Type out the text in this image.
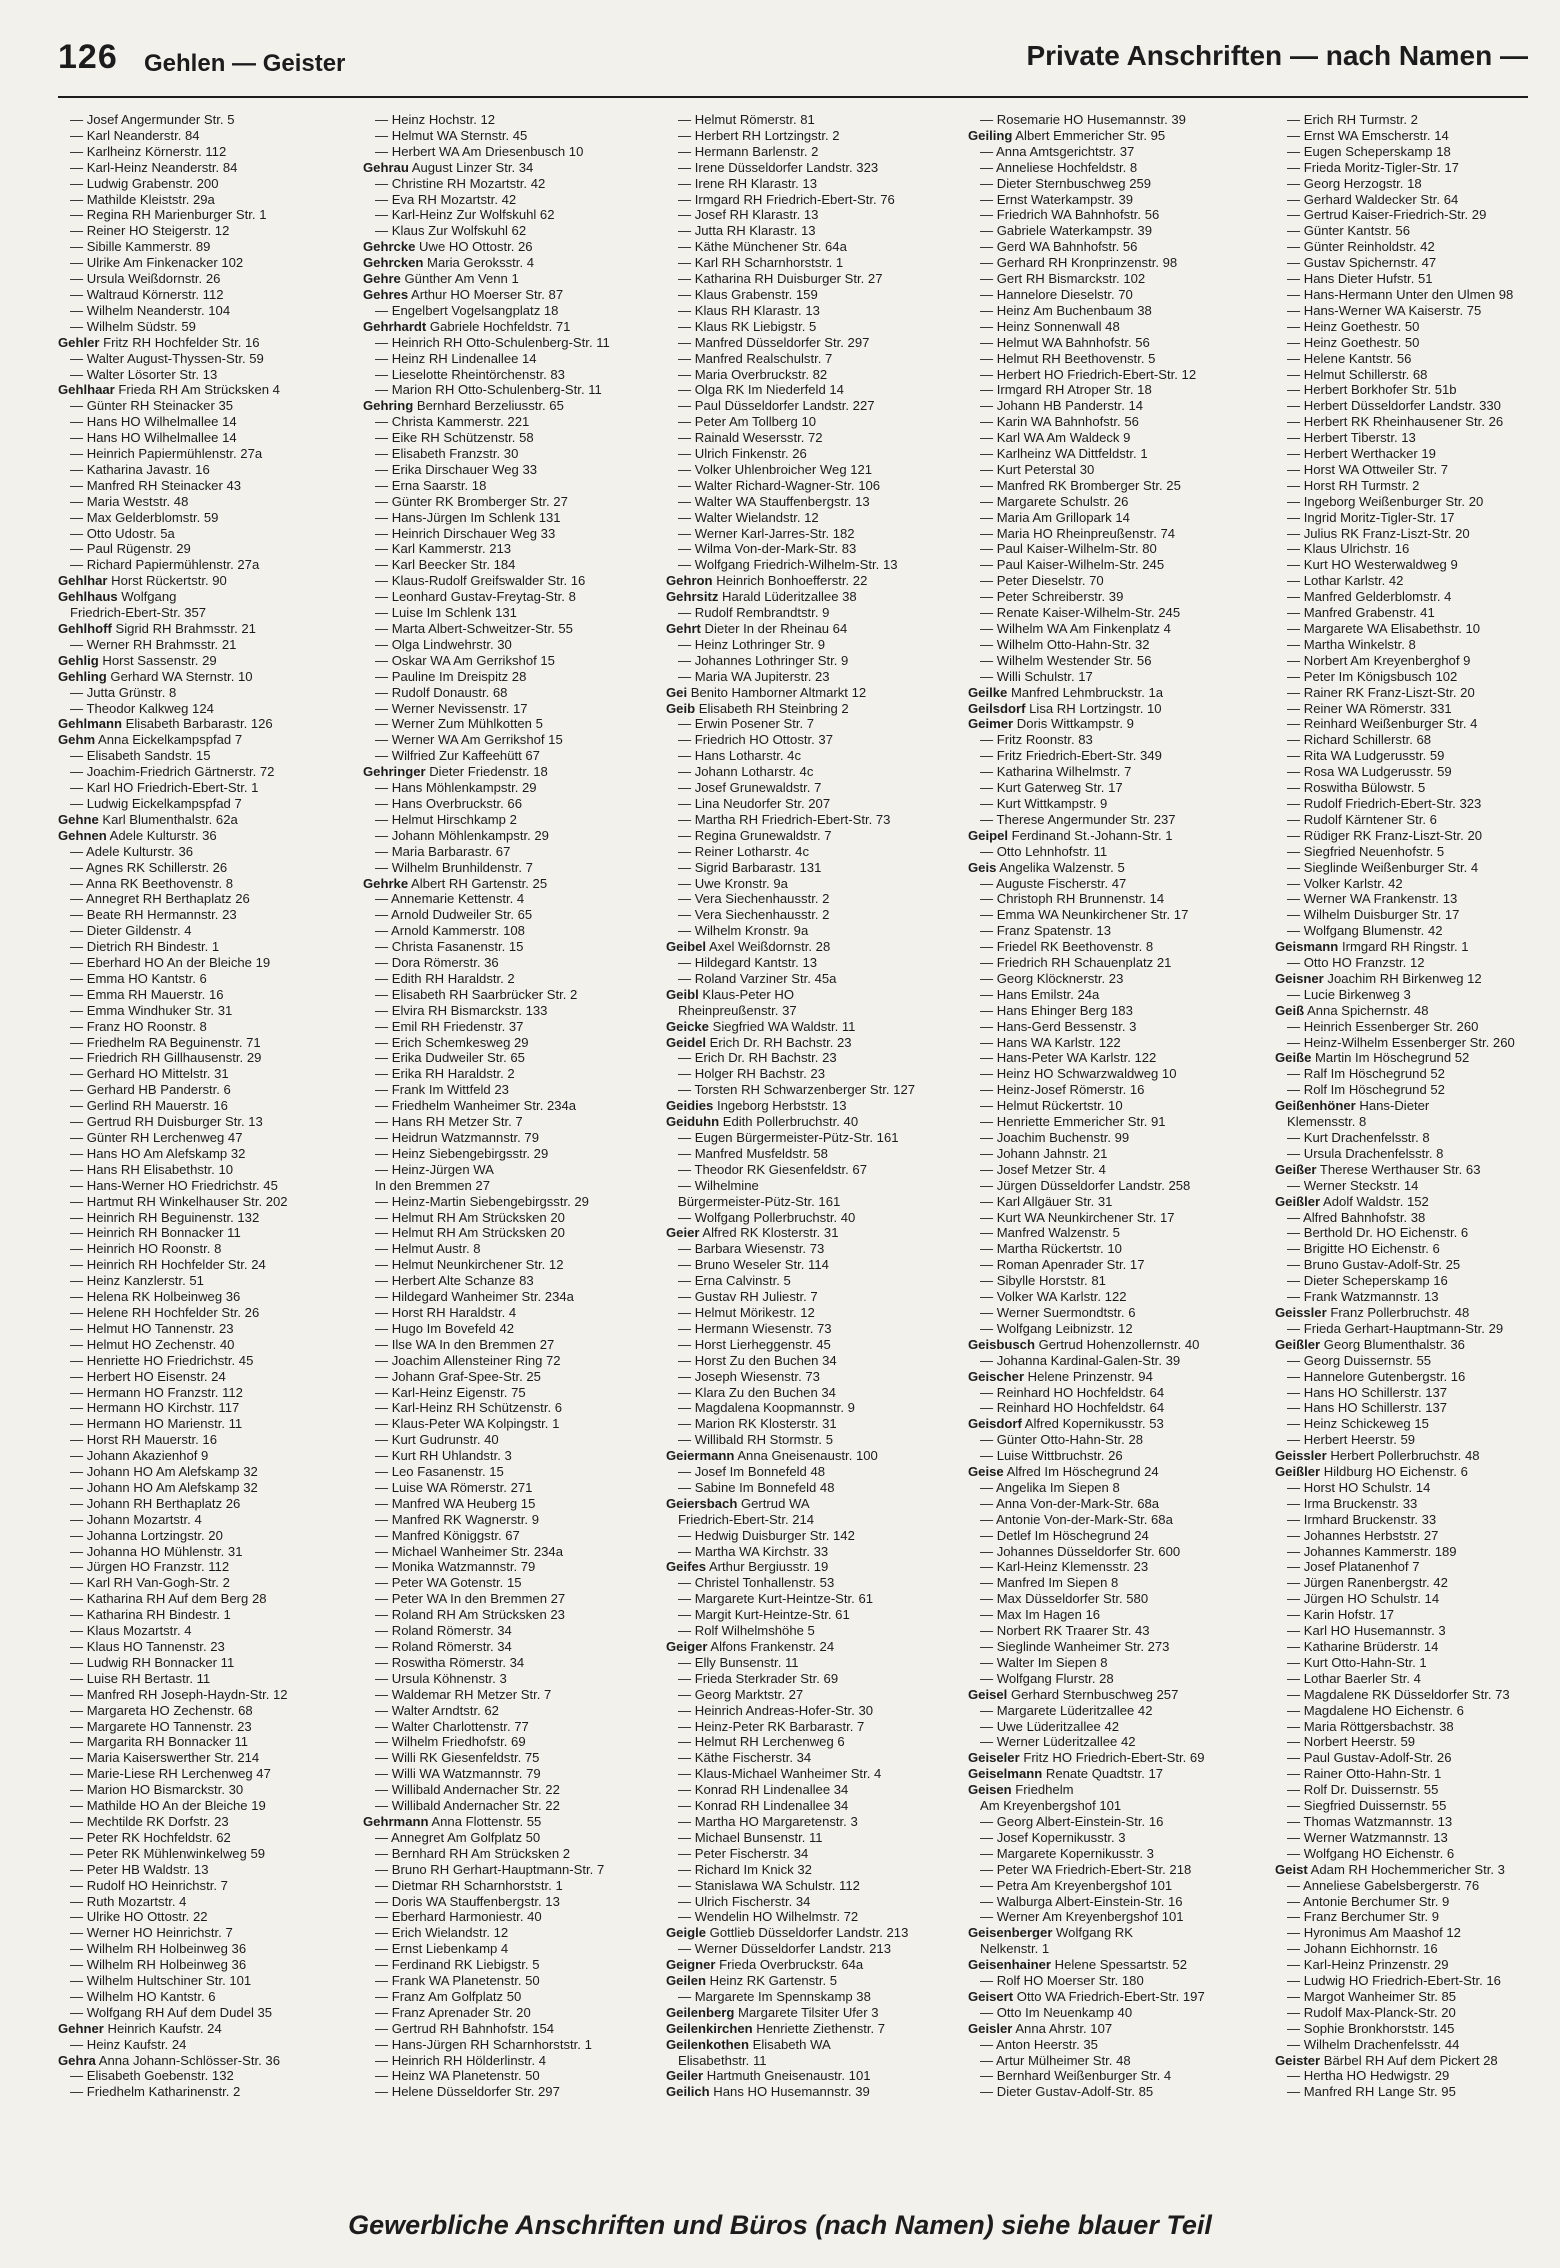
126 Gehlen — Geister	Private Anschriften — nach Namen —
— Josef Angermunder Str. 5
— Karl Neanderstr. 84
— Karlheinz Körnerstr. 112
— Karl-Heinz Neanderstr. 84
— Ludwig Grabenstr. 200
— Mathilde Kleiststr. 29a
— Regina RH Marienburger Str. 1
— Reiner HO Steigerstr. 12
— Sibille Kammerstr. 89
— Ulrike Am Finkenacker 102
— Ursula Weißdornstr. 26
— Waltraud Körnerstr. 112
— Wilhelm Neanderstr. 104
— Wilhelm Südstr. 59
Gehler Fritz RH Hochfelder Str. 16
— Walter August-Thyssen-Str. 59
— Walter Lösorter Str. 13
Gehlhaar Frieda RH Am Strücksken 4
— Günter RH Steinacker 35
— Hans HO Wilhelmallee 14
— Hans HO Wilhelmallee 14
— Heinrich Papiermühlenstr. 27a
— Katharina Javastr. 16
— Manfred RH Steinacker 43
— Maria Weststr. 48
— Max Gelderblomstr. 59
— Otto Udostr. 5a
— Paul Rügenstr. 29
— Richard Papiermühlenstr. 27a
Gehlhar Horst Rückertstr. 90
Gehlhaus Wolfgang
Friedrich-Ebert-Str. 357
Gehlhoff Sigrid RH Brahmsstr. 21
— Werner RH Brahmsstr. 21
Gehlig Horst Sassenstr. 29
Gehling Gerhard WA Sternstr. 10
— Jutta Grünstr. 8
— Theodor Kalkweg 124
Gehlmann Elisabeth Barbarastr. 126
Gehm Anna Eickelkampspfad 7
— Elisabeth Sandstr. 15
— Joachim-Friedrich Gärtnerstr. 72
— Karl HO Friedrich-Ebert-Str. 1
— Ludwig Eickelkampspfad 7
Gehne Karl Blumenthalstr. 62a
Gehnen Adele Kulturstr. 36
— Adele Kulturstr. 36
— Agnes RK Schillerstr. 26
— Anna RK Beethovenstr. 8
— Annegret RH Berthaplatz 26
— Beate RH Hermannstr. 23
— Dieter Gildenstr. 4
— Dietrich RH Bindestr. 1
— Eberhard HO An der Bleiche 19
— Emma HO Kantstr. 6
— Emma RH Mauerstr. 16
— Emma Windhuker Str. 31
— Franz HO Roonstr. 8
— Friedhelm RA Beguinenstr. 71
— Friedrich RH Gillhausenstr. 29
— Gerhard HO Mittelstr. 31
— Gerhard HB Panderstr. 6
— Gerlind RH Mauerstr. 16
— Gertrud RH Duisburger Str. 13
— Günter RH Lerchenweg 47
— Hans HO Am Alefskamp 32
— Hans RH Elisabethstr. 10
— Hans-Werner HO Friedrichstr. 45
— Hartmut RH Winkelhauser Str. 202
— Heinrich RH Beguinenstr. 132
— Heinrich RH Bonnacker 11
— Heinrich HO Roonstr. 8
— Heinrich RH Hochfelder Str. 24
— Heinz Kanzlerstr. 51
— Helena RK Holbeinweg 36
— Helene RH Hochfelder Str. 26
— Helmut HO Tannenstr. 23
— Helmut HO Zechenstr. 40
— Henriette HO Friedrichstr. 45
— Herbert HO Eisenstr. 24
— Hermann HO Franzstr. 112
— Hermann HO Kirchstr. 117
— Hermann HO Marienstr. 11
— Horst RH Mauerstr. 16
— Johann Akazienhof 9
— Johann HO Am Alefskamp 32
— Johann HO Am Alefskamp 32
— Johann RH Berthaplatz 26
— Johann Mozartstr. 4
— Johanna Lortzingstr. 20
— Johanna HO Mühlenstr. 31
— Jürgen HO Franzstr. 112
— Karl RH Van-Gogh-Str. 2
— Katharina RH Auf dem Berg 28
— Katharina RH Bindestr. 1
— Klaus Mozartstr. 4
— Klaus HO Tannenstr. 23
— Ludwig RH Bonnacker 11
— Luise RH Bertastr. 11
— Manfred RH Joseph-Haydn-Str. 12
— Margareta HO Zechenstr. 68
— Margarete HO Tannenstr. 23
— Margarita RH Bonnacker 11
— Maria Kaiserswerther Str. 214
— Marie-Liese RH Lerchenweg 47
— Marion HO Bismarckstr. 30
— Mathilde HO An der Bleiche 19
— Mechtilde RK Dorfstr. 23
— Peter RK Hochfeldstr. 62
— Peter RK Mühlenwinkelweg 59
— Peter HB Waldstr. 13
— Rudolf HO Heinrichstr. 7
— Ruth Mozartstr. 4
— Ulrike HO Ottostr. 22
— Werner HO Heinrichstr. 7
— Wilhelm RH Holbeinweg 36
— Wilhelm RH Holbeinweg 36
— Wilhelm Hultschiner Str. 101
— Wilhelm HO Kantstr. 6
— Wolfgang RH Auf dem Dudel 35
Gehner Heinrich Kaufstr. 24
— Heinz Kaufstr. 24
Gehra Anna Johann-Schlösser-Str. 36
— Elisabeth Goebenstr. 132
— Friedhelm Katharinenstr. 2
— Heinz Hochstr. 12
— Helmut WA Sternstr. 45
— Herbert WA Am Driesenbusch 10
Gehrau August Linzer Str. 34
— Christine RH Mozartstr. 42
— Eva RH Mozartstr. 42
— Karl-Heinz Zur Wolfskuhl 62
— Klaus Zur Wolfskuhl 62
Gehrcke Uwe HO Ottostr. 26
Gehrcken Maria Geroksstr. 4
Gehre Günther Am Venn 1
Gehres Arthur HO Moerser Str. 87
— Engelbert Vogelsangplatz 18
Gehrhardt Gabriele Hochfeldstr. 71
— Heinrich RH Otto-Schulenberg-Str. 11
— Heinz RH Lindenallee 14
— Lieselotte Rheintörchenstr. 83
— Marion RH Otto-Schulenberg-Str. 11
Gehring Bernhard Berzeliusstr. 65
— Christa Kammerstr. 221
— Eike RH Schützenstr. 58
— Elisabeth Franzstr. 30
— Erika Dirschauer Weg 33
— Erna Saarstr. 18
— Günter RK Bromberger Str. 27
— Hans-Jürgen Im Schlenk 131
— Heinrich Dirschauer Weg 33
— Karl Kammerstr. 213
— Karl Beecker Str. 184
— Klaus-Rudolf Greifswalder Str. 16
— Leonhard Gustav-Freytag-Str. 8
— Luise Im Schlenk 131
— Marta Albert-Schweitzer-Str. 55
— Olga Lindwehrstr. 30
— Oskar WA Am Gerrikshof 15
— Pauline Im Dreispitz 28
— Rudolf Donaustr. 68
— Werner Nevissenstr. 17
— Werner Zum Mühlkotten 5
— Werner WA Am Gerrikshof 15
— Wilfried Zur Kaffeehütt 67
Gehringer Dieter Friedenstr. 18
— Hans Möhlenkampstr. 29
— Hans Overbruckstr. 66
— Helmut Hirschkamp 2
— Johann Möhlenkampstr. 29
— Maria Barbarastr. 67
— Wilhelm Brunhildenstr. 7
Gehrke Albert RH Gartenstr. 25
— Annemarie Kettenstr. 4
— Arnold Dudweiler Str. 65
— Arnold Kammerstr. 108
— Christa Fasanenstr. 15
— Dora Römerstr. 36
— Edith RH Haraldstr. 2
— Elisabeth RH Saarbrücker Str. 2
— Elvira RH Bismarckstr. 133
— Emil RH Friedenstr. 37
— Erich Schemkesweg 29
— Erika Dudweiler Str. 65
— Erika RH Haraldstr. 2
— Frank Im Wittfeld 23
— Friedhelm Wanheimer Str. 234a
— Hans RH Metzer Str. 7
— Heidrun Watzmannstr. 79
— Heinz Siebengebirgsstr. 29
— Heinz-Jürgen WA
In den Bremmen 27
— Heinz-Martin Siebengebirgsstr. 29
— Helmut RH Am Strücksken 20
— Helmut RH Am Strücksken 20
— Helmut Austr. 8
— Helmut Neunkirchener Str. 12
— Herbert Alte Schanze 83
— Hildegard Wanheimer Str. 234a
— Horst RH Haraldstr. 4
— Hugo Im Bovefeld 42
— Ilse WA In den Bremmen 27
— Joachim Allensteiner Ring 72
— Johann Graf-Spee-Str. 25
— Karl-Heinz Eigenstr. 75
— Karl-Heinz RH Schützenstr. 6
— Klaus-Peter WA Kolpingstr. 1
— Kurt Gudrunstr. 40
— Kurt RH Uhlandstr. 3
— Leo Fasanenstr. 15
— Luise WA Römerstr. 271
— Manfred WA Heuberg 15
— Manfred RK Wagnerstr. 9
— Manfred Königgstr. 67
— Michael Wanheimer Str. 234a
— Monika Watzmannstr. 79
— Peter WA Gotenstr. 15
— Peter WA In den Bremmen 27
— Roland RH Am Strücksken 23
— Roland Römerstr. 34
— Roland Römerstr. 34
— Roswitha Römerstr. 34
— Ursula Köhnenstr. 3
— Waldemar RH Metzer Str. 7
— Walter Arndtstr. 62
— Walter Charlottenstr. 77
— Wilhelm Friedhofstr. 69
— Willi RK Giesenfeldstr. 75
— Willi WA Watzmannstr. 79
— Willibald Andernacher Str. 22
— Willibald Andernacher Str. 22
Gehrmann Anna Flottenstr. 55
— Annegret Am Golfplatz 50
— Bernhard RH Am Strücksken 2
— Bruno RH Gerhart-Hauptmann-Str. 7
— Dietmar RH Scharnhorststr. 1
— Doris WA Stauffenbergstr. 13
— Eberhard Harmoniestr. 40
— Erich Wielandstr. 12
— Ernst Liebenkamp 4
— Ferdinand RK Liebigstr. 5
— Frank WA Planetenstr. 50
— Franz Am Golfplatz 50
— Franz Aprenader Str. 20
— Gertrud RH Bahnhofstr. 154
— Hans-Jürgen RH Scharnhorststr. 1
— Heinrich RH Hölderlinstr. 4
— Heinz WA Planetenstr. 50
— Helene Düsseldorfer Str. 297
— Helmut Römerstr. 81
— Herbert RH Lortzingstr. 2
— Hermann Barlenstr. 2
— Irene Düsseldorfer Landstr. 323
— Irene RH Klarastr. 13
— Irmgard RH Friedrich-Ebert-Str. 76
— Josef RH Klarastr. 13
— Jutta RH Klarastr. 13
— Käthe Münchener Str. 64a
— Karl RH Scharnhorststr. 1
— Katharina RH Duisburger Str. 27
— Klaus Grabenstr. 159
— Klaus RH Klarastr. 13
— Klaus RK Liebigstr. 5
— Manfred Düsseldorfer Str. 297
— Manfred Realschulstr. 7
— Maria Overbruckstr. 82
— Olga RK Im Niederfeld 14
— Paul Düsseldorfer Landstr. 227
— Peter Am Tollberg 10
— Rainald Wesersstr. 72
— Ulrich Finkenstr. 26
— Volker Uhlenbroicher Weg 121
— Walter Richard-Wagner-Str. 106
— Walter WA Stauffenbergstr. 13
— Walter Wielandstr. 12
— Werner Karl-Jarres-Str. 182
— Wilma Von-der-Mark-Str. 83
— Wolfgang Friedrich-Wilhelm-Str. 13
Gehron Heinrich Bonhoefferstr. 22
Gehrsitz Harald Lüderitzallee 38
— Rudolf Rembrandtstr. 9
Gehrt Dieter In der Rheinau 64
— Heinz Lothringer Str. 9
— Johannes Lothringer Str. 9
— Maria WA Jupiterstr. 23
Gei Benito Hamborner Altmarkt 12
Geib Elisabeth RH Steinbring 2
— Erwin Posener Str. 7
— Friedrich HO Ottostr. 37
— Hans Lotharstr. 4c
— Johann Lotharstr. 4c
— Josef Grunewaldstr. 7
— Lina Neudorfer Str. 207
— Martha RH Friedrich-Ebert-Str. 73
— Regina Grunewaldstr. 7
— Reiner Lotharstr. 4c
— Sigrid Barbarastr. 131
— Uwe Kronstr. 9a
— Vera Siechenhausstr. 2
— Vera Siechenhausstr. 2
— Wilhelm Kronstr. 9a
Geibel Axel Weißdornstr. 28
— Hildegard Kantstr. 13
— Roland Varziner Str. 45a
Geibl Klaus-Peter HO
Rheinpreußenstr. 37
Geicke Siegfried WA Waldstr. 11
Geidel Erich Dr. RH Bachstr. 23
— Erich Dr. RH Bachstr. 23
— Holger RH Bachstr. 23
— Torsten RH Schwarzenberger Str. 127
Geidies Ingeborg Herbststr. 13
Geiduhn Edith Pollerbruchstr. 40
— Eugen Bürgermeister-Pütz-Str. 161
— Manfred Musfeldstr. 58
— Theodor RK Giesenfeldstr. 67
— Wilhelmine
Bürgermeister-Pütz-Str. 161
— Wolfgang Pollerbruchstr. 40
Geier Alfred RK Klosterstr. 31
— Barbara Wiesenstr. 73
— Bruno Weseler Str. 114
— Erna Calvinstr. 5
— Gustav RH Juliestr. 7
— Helmut Mörikestr. 12
— Hermann Wiesenstr. 73
— Horst Lierheggenstr. 45
— Horst Zu den Buchen 34
— Joseph Wiesenstr. 73
— Klara Zu den Buchen 34
— Magdalena Koopmannstr. 9
— Marion RK Klosterstr. 31
— Willibald RH Stormstr. 5
Geiermann Anna Gneisenaustr. 100
— Josef Im Bonnefeld 48
— Sabine Im Bonnefeld 48
Geiersbach Gertrud WA
Friedrich-Ebert-Str. 214
— Hedwig Duisburger Str. 142
— Martha WA Kirchstr. 33
Geifes Arthur Bergiusstr. 19
— Christel Tonhallenstr. 53
— Margarete Kurt-Heintze-Str. 61
— Margit Kurt-Heintze-Str. 61
— Rolf Wilhelmshöhe 5
Geiger Alfons Frankenstr. 24
— Elly Bunsenstr. 11
— Frieda Sterkrader Str. 69
— Georg Marktstr. 27
— Heinrich Andreas-Hofer-Str. 30
— Heinz-Peter RK Barbarastr. 7
— Helmut RH Lerchenweg 6
— Käthe Fischerstr. 34
— Klaus-Michael Wanheimer Str. 4
— Konrad RH Lindenallee 34
— Konrad RH Lindenallee 34
— Martha HO Margaretenstr. 3
— Michael Bunsenstr. 11
— Peter Fischerstr. 34
— Richard Im Knick 32
— Stanislawa WA Schulstr. 112
— Ulrich Fischerstr. 34
— Wendelin HO Wilhelmstr. 72
Geigle Gottlieb Düsseldorfer Landstr. 213
— Werner Düsseldorfer Landstr. 213
Geigner Frieda Overbruckstr. 64a
Geilen Heinz RK Gartenstr. 5
— Margarete Im Spennskamp 38
Geilenberg Margarete Tilsiter Ufer 3
Geilenkirchen Henriette Ziethenstr. 7
Geilenkothen Elisabeth WA
Elisabethstr. 11
Geiler Hartmuth Gneisenaustr. 101
Geilich Hans HO Husemannstr. 39
— Rosemarie HO Husemannstr. 39
Geiling Albert Emmericher Str. 95
— Anna Amtsgerichtstr. 37
— Anneliese Hochfeldstr. 8
— Dieter Sternbuschweg 259
— Ernst Waterkampstr. 39
— Friedrich WA Bahnhofstr. 56
— Gabriele Waterkampstr. 39
— Gerd WA Bahnhofstr. 56
— Gerhard RH Kronprinzenstr. 98
— Gert RH Bismarckstr. 102
— Hannelore Dieselstr. 70
— Heinz Am Buchenbaum 38
— Heinz Sonnenwall 48
— Helmut WA Bahnhofstr. 56
— Helmut RH Beethovenstr. 5
— Herbert HO Friedrich-Ebert-Str. 12
— Irmgard RH Atroper Str. 18
— Johann HB Panderstr. 14
— Karin WA Bahnhofstr. 56
— Karl WA Am Waldeck 9
— Karlheinz WA Dittfeldstr. 1
— Kurt Peterstal 30
— Manfred RK Bromberger Str. 25
— Margarete Schulstr. 26
— Maria Am Grillopark 14
— Maria HO Rheinpreußenstr. 74
— Paul Kaiser-Wilhelm-Str. 80
— Paul Kaiser-Wilhelm-Str. 245
— Peter Dieselstr. 70
— Peter Schreiberstr. 39
— Renate Kaiser-Wilhelm-Str. 245
— Wilhelm WA Am Finkenplatz 4
— Wilhelm Otto-Hahn-Str. 32
— Wilhelm Westender Str. 56
— Willi Schulstr. 17
Geilke Manfred Lehmbruckstr. 1a
Geilsdorf Lisa RH Lortzingstr. 10
Geimer Doris Wittkampstr. 9
— Fritz Roonstr. 83
— Fritz Friedrich-Ebert-Str. 349
— Katharina Wilhelmstr. 7
— Kurt Gaterweg Str. 17
— Kurt Wittkampstr. 9
— Therese Angermunder Str. 237
Geipel Ferdinand St.-Johann-Str. 1
— Otto Lehnhofstr. 11
Geis Angelika Walzenstr. 5
— Auguste Fischerstr. 47
— Christoph RH Brunnenstr. 14
— Emma WA Neunkirchener Str. 17
— Franz Spatenstr. 13
— Friedel RK Beethovenstr. 8
— Friedrich RH Schauenplatz 21
— Georg Klöcknerstr. 23
— Hans Emilstr. 24a
— Hans Ehinger Berg 183
— Hans-Gerd Bessenstr. 3
— Hans WA Karlstr. 122
— Hans-Peter WA Karlstr. 122
— Heinz HO Schwarzwaldweg 10
— Heinz-Josef Römerstr. 16
— Helmut Rückertstr. 10
— Henriette Emmericher Str. 91
— Joachim Buchenstr. 99
— Johann Jahnstr. 21
— Josef Metzer Str. 4
— Jürgen Düsseldorfer Landstr. 258
— Karl Allgäuer Str. 31
— Kurt WA Neunkirchener Str. 17
— Manfred Walzenstr. 5
— Martha Rückertstr. 10
— Roman Apenrader Str. 17
— Sibylle Horststr. 81
— Volker WA Karlstr. 122
— Werner Suermondtstr. 6
— Wolfgang Leibnizstr. 12
Geisbusch Gertrud Hohenzollernstr. 40
— Johanna Kardinal-Galen-Str. 39
Geischer Helene Prinzenstr. 94
— Reinhard HO Hochfeldstr. 64
— Reinhard HO Hochfeldstr. 64
Geisdorf Alfred Kopernikusstr. 53
— Günter Otto-Hahn-Str. 28
— Luise Wittbruchstr. 26
Geise Alfred Im Höschegrund 24
— Angelika Im Siepen 8
— Anna Von-der-Mark-Str. 68a
— Antonie Von-der-Mark-Str. 68a
— Detlef Im Höschegrund 24
— Johannes Düsseldorfer Str. 600
— Karl-Heinz Klemensstr. 23
— Manfred Im Siepen 8
— Max Düsseldorfer Str. 580
— Max Im Hagen 16
— Norbert RK Traarer Str. 43
— Sieglinde Wanheimer Str. 273
— Walter Im Siepen 8
— Wolfgang Flurstr. 28
Geisel Gerhard Sternbuschweg 257
— Margarete Lüderitzallee 42
— Uwe Lüderitzallee 42
— Werner Lüderitzallee 42
Geiseler Fritz HO Friedrich-Ebert-Str. 69
Geiselmann Renate Quadtstr. 17
Geisen Friedhelm
Am Kreyenbergshof 101
— Georg Albert-Einstein-Str. 16
— Josef Kopernikusstr. 3
— Margarete Kopernikusstr. 3
— Peter WA Friedrich-Ebert-Str. 218
— Petra Am Kreyenbergshof 101
— Walburga Albert-Einstein-Str. 16
— Werner Am Kreyenbergshof 101
Geisenberger Wolfgang RK
Nelkenstr. 1
Geisenhainer Helene Spessartstr. 52
— Rolf HO Moerser Str. 180
Geisert Otto WA Friedrich-Ebert-Str. 197
— Otto Im Neuenkamp 40
Geisler Anna Ahrstr. 107
— Anton Heerstr. 35
— Artur Mülheimer Str. 48
— Bernhard Weißenburger Str. 4
— Dieter Gustav-Adolf-Str. 85
— Erich RH Turmstr. 2
— Ernst WA Emscherstr. 14
— Eugen Scheperskamp 18
— Frieda Moritz-Tigler-Str. 17
— Georg Herzogstr. 18
— Gerhard Waldecker Str. 64
— Gertrud Kaiser-Friedrich-Str. 29
— Günter Kantstr. 56
— Günter Reinholdstr. 42
— Gustav Spichernstr. 47
— Hans Dieter Hufstr. 51
— Hans-Hermann Unter den Ulmen 98
— Hans-Werner WA Kaiserstr. 75
— Heinz Goethestr. 50
— Heinz Goethestr. 50
— Helene Kantstr. 56
— Helmut Schillerstr. 68
— Herbert Borkhofer Str. 51b
— Herbert Düsseldorfer Landstr. 330
— Herbert RK Rheinhausener Str. 26
— Herbert Tiberstr. 13
— Herbert Werthacker 19
— Horst WA Ottweiler Str. 7
— Horst RH Turmstr. 2
— Ingeborg Weißenburger Str. 20
— Ingrid Moritz-Tigler-Str. 17
— Julius RK Franz-Liszt-Str. 20
— Klaus Ulrichstr. 16
— Kurt HO Westerwaldweg 9
— Lothar Karlstr. 42
— Manfred Gelderblomstr. 4
— Manfred Grabenstr. 41
— Margarete WA Elisabethstr. 10
— Martha Winkelstr. 8
— Norbert Am Kreyenberghof 9
— Peter Im Königsbusch 102
— Rainer RK Franz-Liszt-Str. 20
— Reiner WA Römerstr. 331
— Reinhard Weißenburger Str. 4
— Richard Schillerstr. 68
— Rita WA Ludgerusstr. 59
— Rosa WA Ludgerusstr. 59
— Roswitha Bülowstr. 5
— Rudolf Friedrich-Ebert-Str. 323
— Rudolf Kärntener Str. 6
— Rüdiger RK Franz-Liszt-Str. 20
— Siegfried Neuenhofstr. 5
— Sieglinde Weißenburger Str. 4
— Volker Karlstr. 42
— Werner WA Frankenstr. 13
— Wilhelm Duisburger Str. 17
— Wolfgang Blumenstr. 42
Geismann Irmgard RH Ringstr. 1
— Otto HO Franzstr. 12
Geisner Joachim RH Birkenweg 12
— Lucie Birkenweg 3
Geiß Anna Spichernstr. 48
— Heinrich Essenberger Str. 260
— Heinz-Wilhelm Essenberger Str. 260
Geiße Martin Im Höschegrund 52
— Ralf Im Höschegrund 52
— Rolf Im Höschegrund 52
Geißenhöner Hans-Dieter
Klemensstr. 8
— Kurt Drachenfelsstr. 8
— Ursula Drachenfelsstr. 8
Geißer Therese Werthauser Str. 63
— Werner Steckstr. 14
Geißler Adolf Waldstr. 152
— Alfred Bahnhofstr. 38
— Berthold Dr. HO Eichenstr. 6
— Brigitte HO Eichenstr. 6
— Bruno Gustav-Adolf-Str. 25
— Dieter Scheperskamp 16
— Frank Watzmannstr. 13
Geissler Franz Pollerbruchstr. 48
— Frieda Gerhart-Hauptmann-Str. 29
Geißler Georg Blumenthalstr. 36
— Georg Duissernstr. 55
— Hannelore Gutenbergstr. 16
— Hans HO Schillerstr. 137
— Hans HO Schillerstr. 137
— Heinz Schickeweg 15
— Herbert Heerstr. 59
Geissler Herbert Pollerbruchstr. 48
Geißler Hildburg HO Eichenstr. 6
— Horst HO Schulstr. 14
— Irma Bruckenstr. 33
— Irmhard Bruckenstr. 33
— Johannes Herbststr. 27
— Johannes Kammerstr. 189
— Josef Platanenhof 7
— Jürgen Ranenbergstr. 42
— Jürgen HO Schulstr. 14
— Karin Hofstr. 17
— Karl HO Husemannstr. 3
— Katharine Brüderstr. 14
— Kurt Otto-Hahn-Str. 1
— Lothar Baerler Str. 4
— Magdalene RK Düsseldorfer Str. 73
— Magdalene HO Eichenstr. 6
— Maria Röttgersbachstr. 38
— Norbert Heerstr. 59
— Paul Gustav-Adolf-Str. 26
— Rainer Otto-Hahn-Str. 1
— Rolf Dr. Duissernstr. 55
— Siegfried Duissernstr. 55
— Thomas Watzmannstr. 13
— Werner Watzmannstr. 13
— Wolfgang HO Eichenstr. 6
Geist Adam RH Hochemmericher Str. 3
— Anneliese Gabelsbergerstr. 76
— Antonie Berchumer Str. 9
— Franz Berchumer Str. 9
— Hyronimus Am Maashof 12
— Johann Eichhornstr. 16
— Karl-Heinz Prinzenstr. 29
— Ludwig HO Friedrich-Ebert-Str. 16
— Margot Wanheimer Str. 85
— Rudolf Max-Planck-Str. 20
— Sophie Bronkhorststr. 145
— Wilhelm Drachenfelsstr. 44
Geister Bärbel RH Auf dem Pickert 28
— Hertha HO Hedwigstr. 29
— Manfred RH Lange Str. 95
Gewerbliche Anschriften und Büros (nach Namen) siehe blauer Teil
